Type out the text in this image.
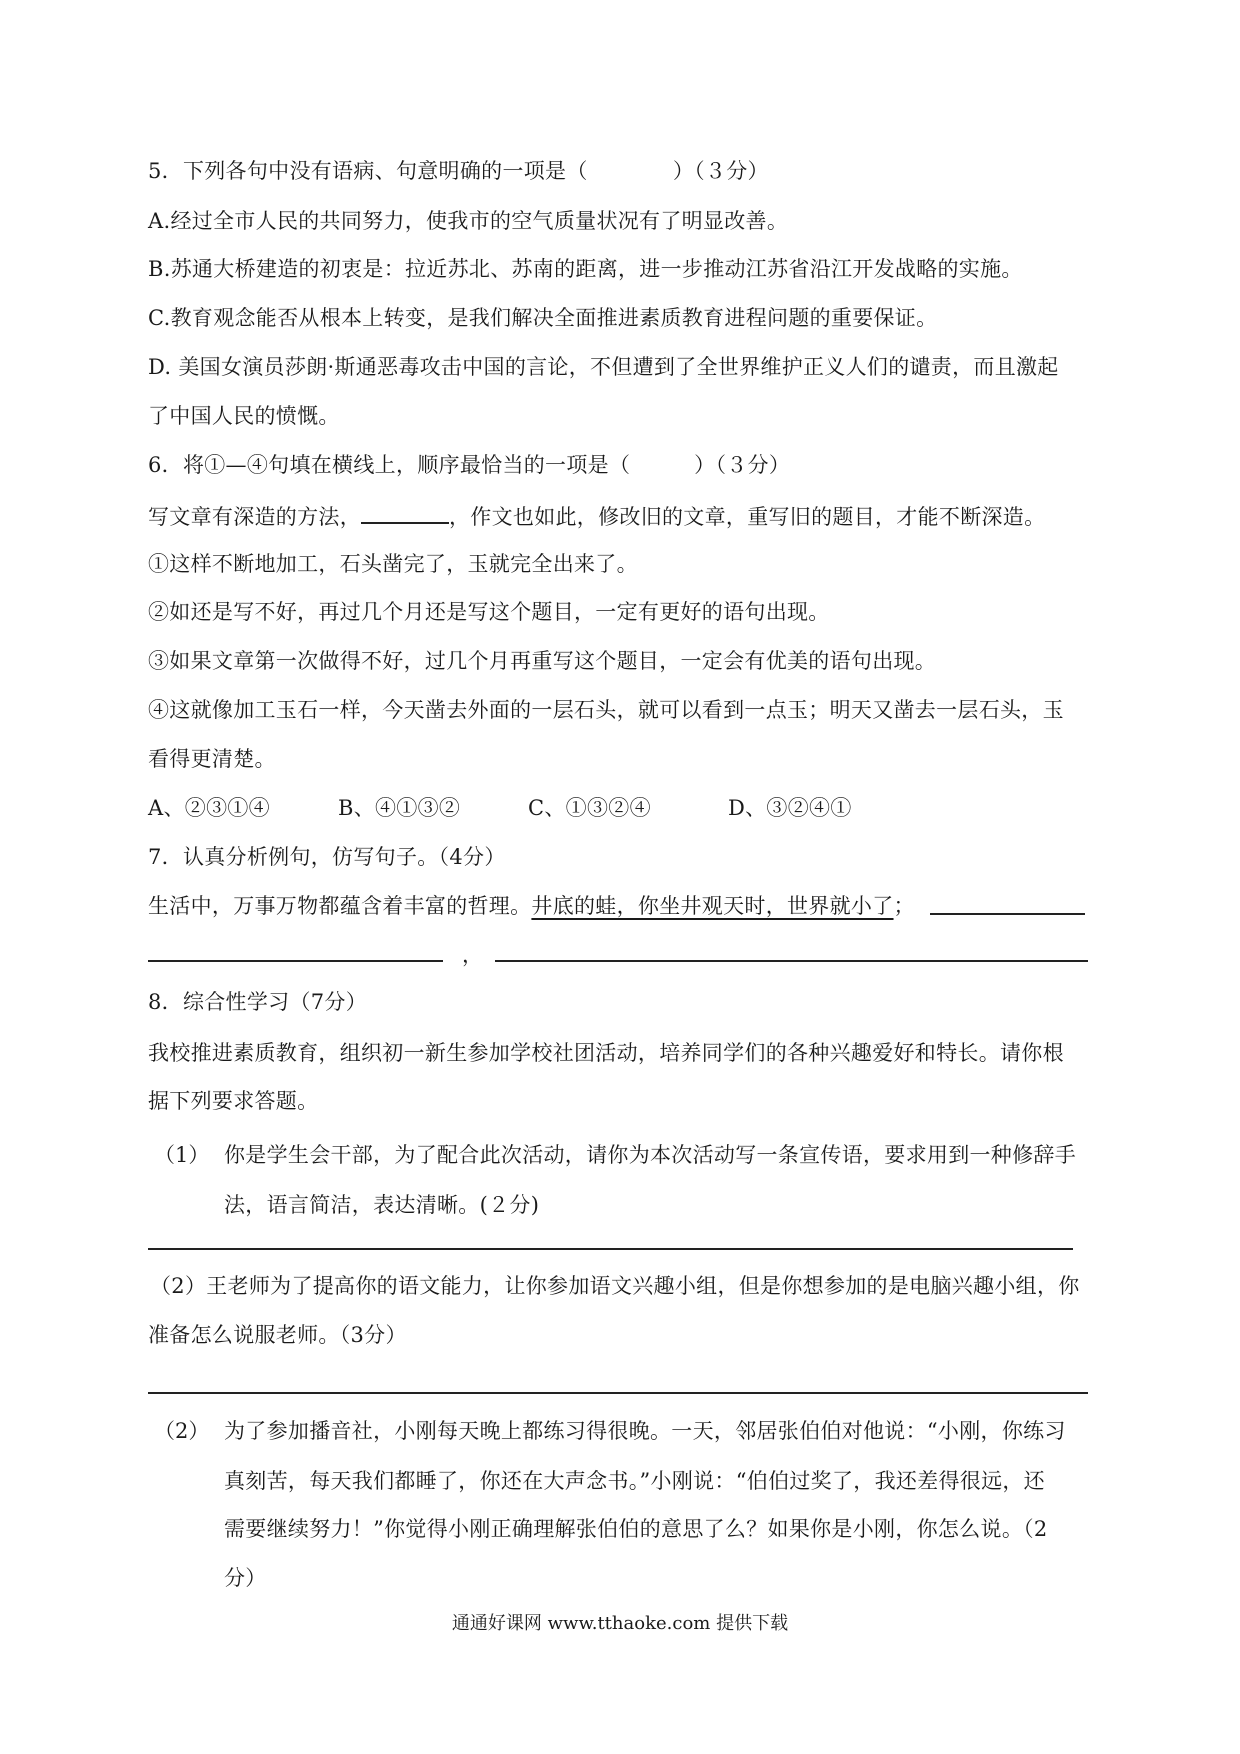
5．下列各句中没有语病、句意明确的一项是（　　　　）（３分）
A.经过全市人民的共同努力，使我市的空气质量状况有了明显改善。
B.苏通大桥建造的初衷是：拉近苏北、苏南的距离，进一步推动江苏省沿江开发战略的实施。
C.教育观念能否从根本上转变，是我们解决全面推进素质教育进程问题的重要保证。
D. 美国女演员莎朗·斯通恶毒攻击中国的言论，不但遭到了全世界维护正义人们的谴责，而且激起
了中国人民的愤慨。
6．将①—④句填在横线上，顺序最恰当的一项是（　　　）（３分）
写文章有深造的方法，	，作文也如此，修改旧的文章，重写旧的题目，才能不断深造。
①这样不断地加工，石头凿完了，玉就完全出来了。
②如还是写不好，再过几个月还是写这个题目，一定有更好的语句出现。
③如果文章第一次做得不好，过几个月再重写这个题目，一定会有优美的语句出现。
④这就像加工玉石一样，今天凿去外面的一层石头，就可以看到一点玉；明天又凿去一层石头，玉
看得更清楚。
A、②③①④	B、④①③②	C、①③②④	D、③②④①
7．认真分析例句，仿写句子。（4分）
生活中，万事万物都蕴含着丰富的哲理。井底的蛙，你坐井观天时，世界就小了；
，
8．综合性学习（7分）
我校推进素质教育，组织初一新生参加学校社团活动，培养同学们的各种兴趣爱好和特长。请你根
据下列要求答题。
（1） 你是学生会干部，为了配合此次活动，请你为本次活动写一条宣传语，要求用到一种修辞手
法，语言简洁，表达清晰。(２分)
（2）王老师为了提高你的语文能力，让你参加语文兴趣小组，但是你想参加的是电脑兴趣小组，你
准备怎么说服老师。（3分）
（2） 为了参加播音社，小刚每天晚上都练习得很晚。一天，邻居张伯伯对他说：“小刚，你练习
真刻苦，每天我们都睡了，你还在大声念书。”小刚说：“伯伯过奖了，我还差得很远，还
需要继续努力！”你觉得小刚正确理解张伯伯的意思了么？如果你是小刚，你怎么说。（2
分）
通通好课网 www.tthaoke.com 提供下载
